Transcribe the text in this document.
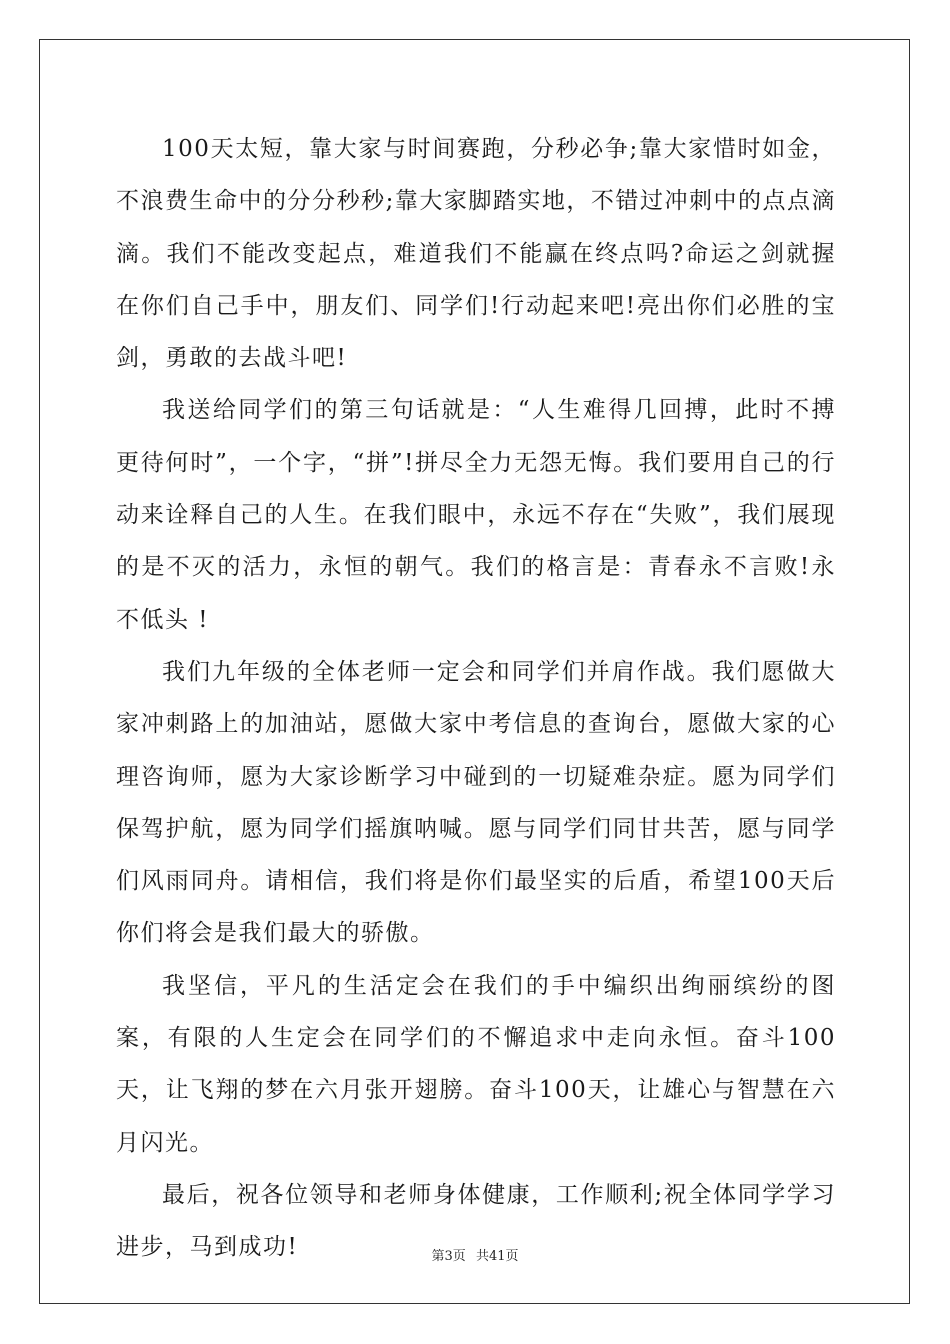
100天太短，靠大家与时间赛跑，分秒必争;靠大家惜时如金，不浪费生命中的分分秒秒;靠大家脚踏实地，不错过冲刺中的点点滴滴。我们不能改变起点，难道我们不能赢在终点吗?命运之剑就握在你们自己手中，朋友们、同学们!行动起来吧!亮出你们必胜的宝剑，勇敢的去战斗吧!

我送给同学们的第三句话就是：“人生难得几回搏，此时不搏更待何时”，一个字，“拼”!拼尽全力无怨无悔。我们要用自己的行动来诠释自己的人生。在我们眼中，永远不存在“失败”，我们展现的是不灭的活力，永恒的朝气。我们的格言是：青春永不言败!永不低头 !

我们九年级的全体老师一定会和同学们并肩作战。我们愿做大家冲刺路上的加油站，愿做大家中考信息的查询台，愿做大家的心理咨询师，愿为大家诊断学习中碰到的一切疑难杂症。愿为同学们保驾护航，愿为同学们摇旗呐喊。愿与同学们同甘共苦，愿与同学们风雨同舟。请相信，我们将是你们最坚实的后盾，希望100天后你们将会是我们最大的骄傲。

我坚信，平凡的生活定会在我们的手中编织出绚丽缤纷的图案，有限的人生定会在同学们的不懈追求中走向永恒。奋斗100天，让飞翔的梦在六月张开翅膀。奋斗100天，让雄心与智慧在六月闪光。

最后，祝各位领导和老师身体健康，工作顺利;祝全体同学学习进步，马到成功!	第3页 共41页
